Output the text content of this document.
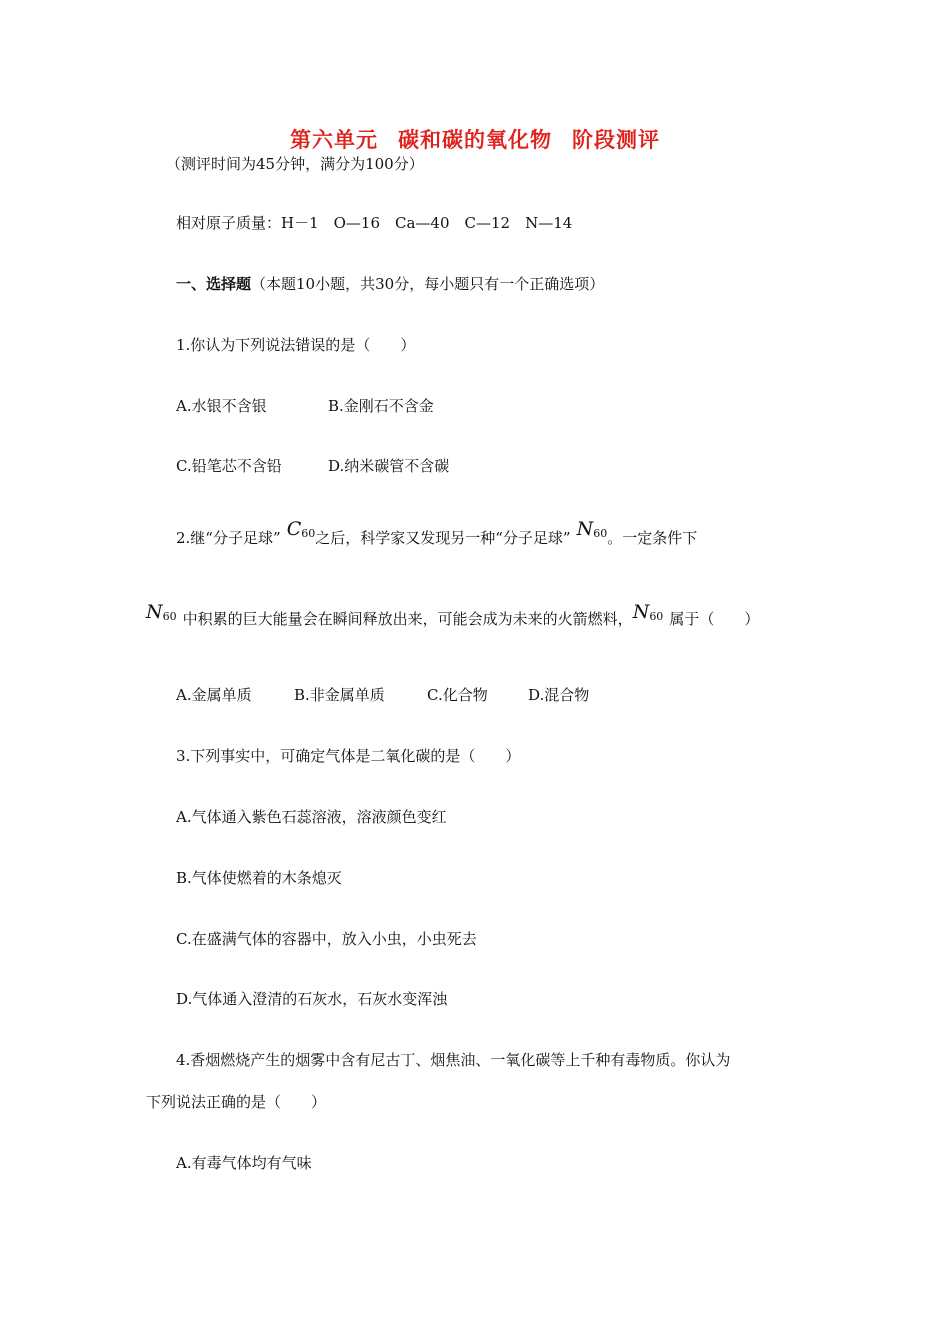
第六单元 碳和碳的氧化物 阶段测评
（测评时间为45分钟，满分为100分）
相对原子质量：H－1　O—16　Ca—40　C—12　N—14
一、选择题（本题10小题，共30分，每小题只有一个正确选项）
1.你认为下列说法错误的是（　　）
A.水银不含银	B.金刚石不含金
C.铅笔芯不含铅	D.纳米碳管不含碳
2.继“分子足球” $C_{60}$之后，科学家又发现另一种“分子足球” $N_{60}$。一定条件下
$N_{60}$ 中积累的巨大能量会在瞬间释放出来，可能会成为未来的火箭燃料，$N_{60}$ 属于（　　）
A.金属单质	B.非金属单质	C.化合物	D.混合物
3.下列事实中，可确定气体是二氧化碳的是（　　）
A.气体通入紫色石蕊溶液，溶液颜色变红
B.气体使燃着的木条熄灭
C.在盛满气体的容器中，放入小虫，小虫死去
D.气体通入澄清的石灰水，石灰水变浑浊
4.香烟燃烧产生的烟雾中含有尼古丁、烟焦油、一氧化碳等上千种有毒物质。你认为
下列说法正确的是（　　）
A.有毒气体均有气味
